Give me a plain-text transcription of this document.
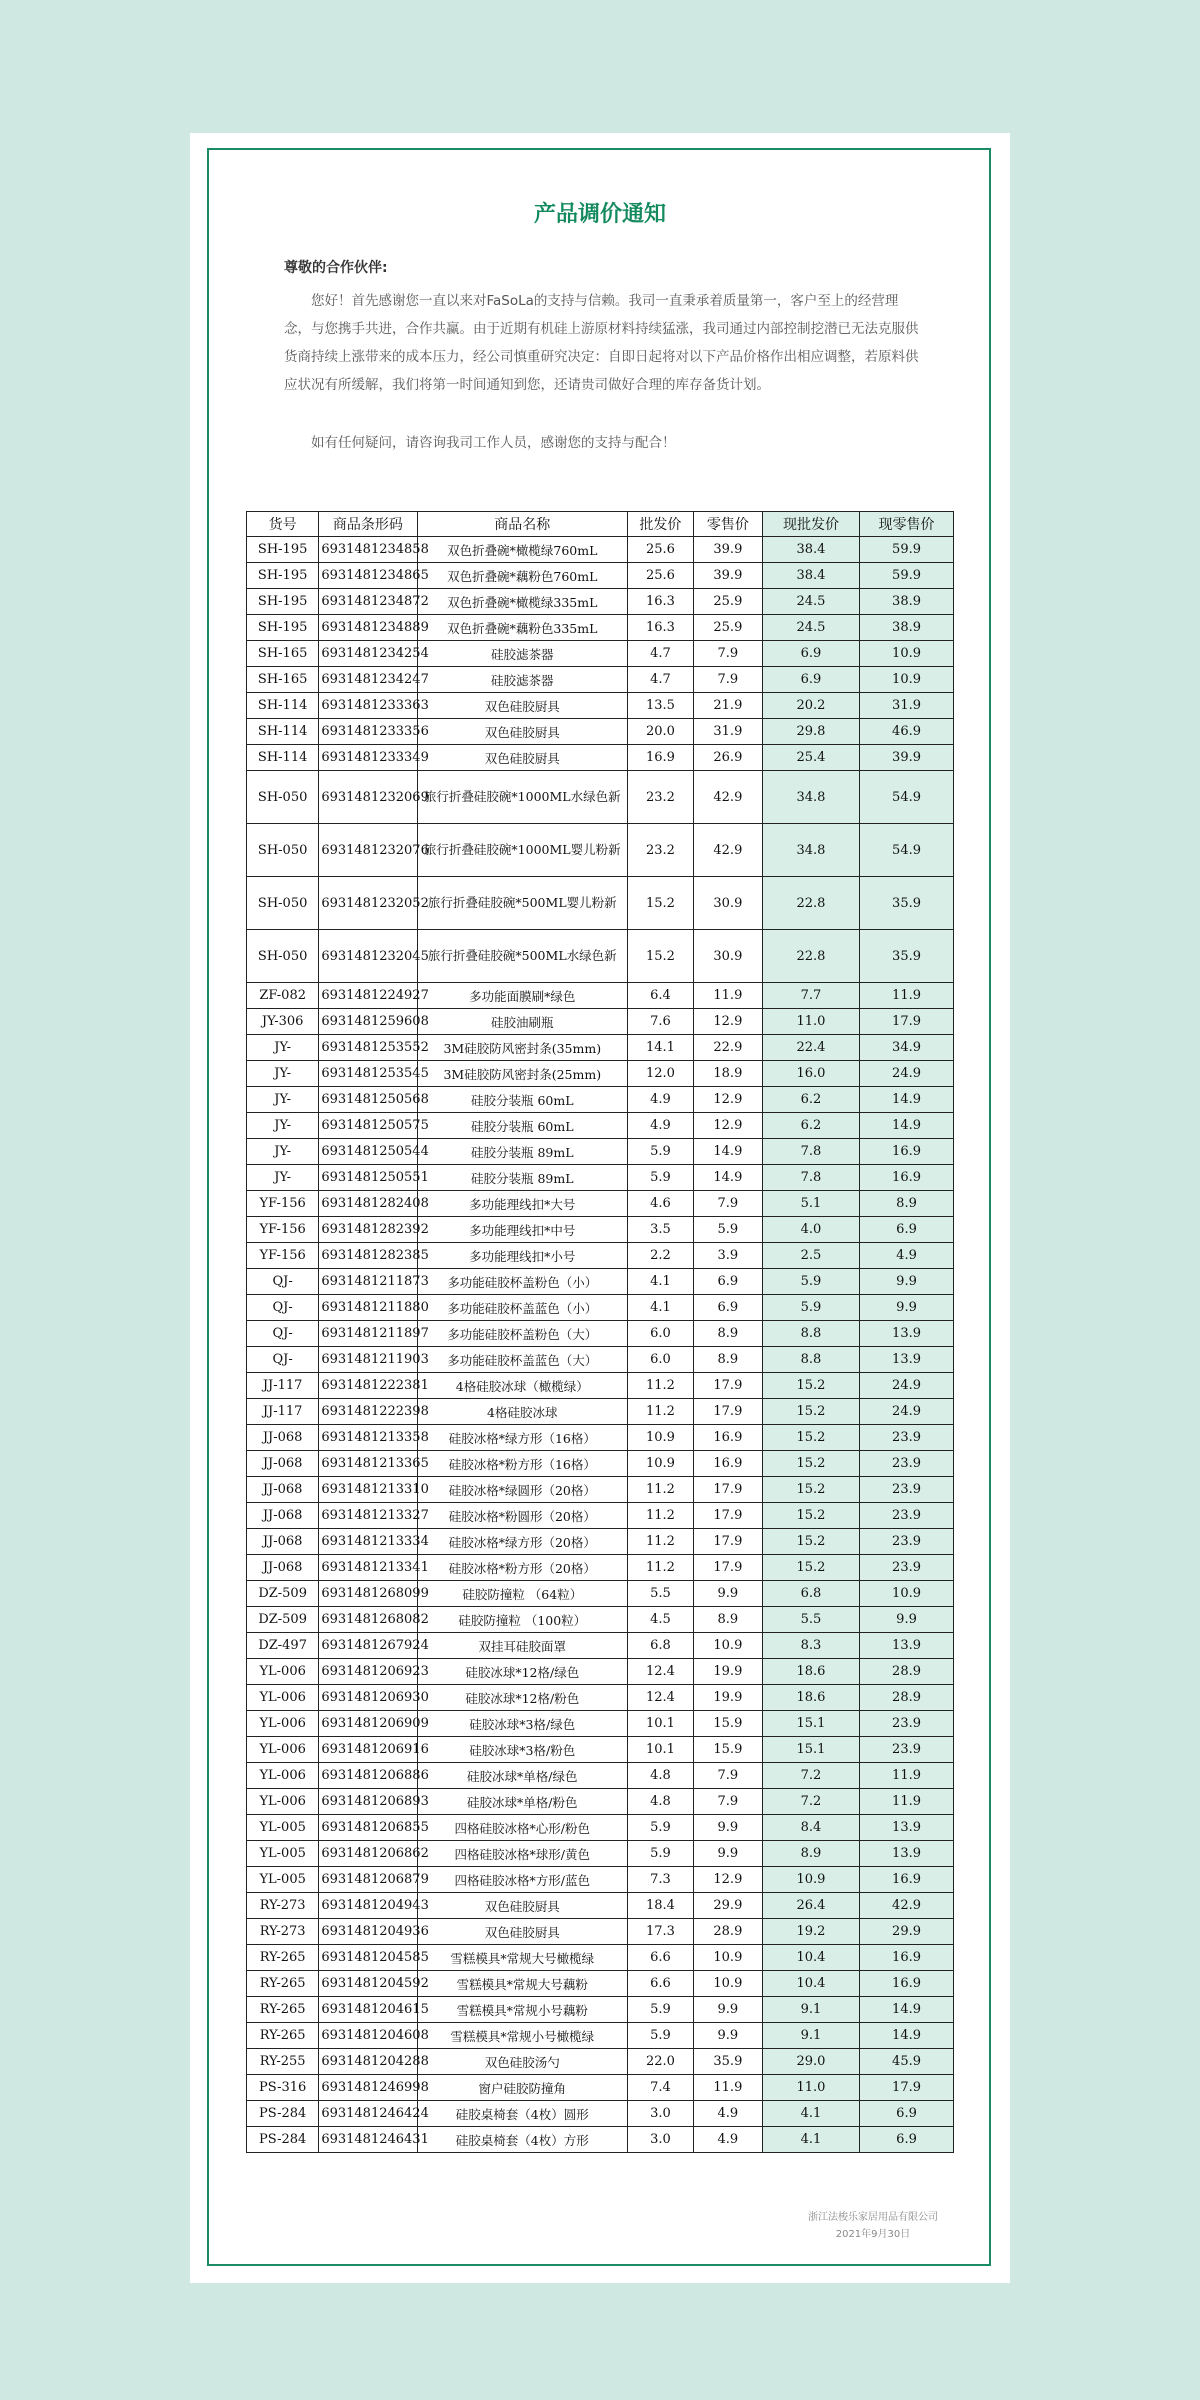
产品调价通知
尊敬的合作伙伴:
您好！首先感谢您一直以来对FaSoLa的支持与信赖。我司一直秉承着质量第一，客户至上的经营理念，与您携手共进，合作共赢。由于近期有机硅上游原材料持续猛涨，我司通过内部控制挖潜已无法克服供货商持续上涨带来的成本压力，经公司慎重研究决定：自即日起将对以下产品价格作出相应调整，若原料供应状况有所缓解，我们将第一时间通知到您，还请贵司做好合理的库存备货计划。
如有任何疑问，请咨询我司工作人员，感谢您的支持与配合！
货号	商品条形码	商品名称	批发价	零售价	现批发价	现零售价
SH-195	6931481234858	双色折叠碗*橄榄绿760mL	25.6	39.9	38.4	59.9
SH-195	6931481234865	双色折叠碗*藕粉色760mL	25.6	39.9	38.4	59.9
SH-195	6931481234872	双色折叠碗*橄榄绿335mL	16.3	25.9	24.5	38.9
SH-195	6931481234889	双色折叠碗*藕粉色335mL	16.3	25.9	24.5	38.9
SH-165	6931481234254	硅胶滤茶器	4.7	7.9	6.9	10.9
SH-165	6931481234247	硅胶滤茶器	4.7	7.9	6.9	10.9
SH-114	6931481233363	双色硅胶厨具	13.5	21.9	20.2	31.9
SH-114	6931481233356	双色硅胶厨具	20.0	31.9	29.8	46.9
SH-114	6931481233349	双色硅胶厨具	16.9	26.9	25.4	39.9
SH-050	6931481232069	旅行折叠硅胶碗*1000ML水绿色新	23.2	42.9	34.8	54.9
SH-050	6931481232076	旅行折叠硅胶碗*1000ML婴儿粉新	23.2	42.9	34.8	54.9
SH-050	6931481232052	旅行折叠硅胶碗*500ML婴儿粉新	15.2	30.9	22.8	35.9
SH-050	6931481232045	旅行折叠硅胶碗*500ML水绿色新	15.2	30.9	22.8	35.9
ZF-082	6931481224927	多功能面膜刷*绿色	6.4	11.9	7.7	11.9
JY-306	6931481259608	硅胶油刷瓶	7.6	12.9	11.0	17.9
JY-	6931481253552	3M硅胶防风密封条(35mm)	14.1	22.9	22.4	34.9
JY-	6931481253545	3M硅胶防风密封条(25mm)	12.0	18.9	16.0	24.9
JY-	6931481250568	硅胶分装瓶 60mL	4.9	12.9	6.2	14.9
JY-	6931481250575	硅胶分装瓶 60mL	4.9	12.9	6.2	14.9
JY-	6931481250544	硅胶分装瓶 89mL	5.9	14.9	7.8	16.9
JY-	6931481250551	硅胶分装瓶 89mL	5.9	14.9	7.8	16.9
YF-156	6931481282408	多功能理线扣*大号	4.6	7.9	5.1	8.9
YF-156	6931481282392	多功能理线扣*中号	3.5	5.9	4.0	6.9
YF-156	6931481282385	多功能理线扣*小号	2.2	3.9	2.5	4.9
QJ-	6931481211873	多功能硅胶杯盖粉色（小）	4.1	6.9	5.9	9.9
QJ-	6931481211880	多功能硅胶杯盖蓝色（小）	4.1	6.9	5.9	9.9
QJ-	6931481211897	多功能硅胶杯盖粉色（大）	6.0	8.9	8.8	13.9
QJ-	6931481211903	多功能硅胶杯盖蓝色（大）	6.0	8.9	8.8	13.9
JJ-117	6931481222381	4格硅胶冰球（橄榄绿）	11.2	17.9	15.2	24.9
JJ-117	6931481222398	4格硅胶冰球	11.2	17.9	15.2	24.9
JJ-068	6931481213358	硅胶冰格*绿方形（16格）	10.9	16.9	15.2	23.9
JJ-068	6931481213365	硅胶冰格*粉方形（16格）	10.9	16.9	15.2	23.9
JJ-068	6931481213310	硅胶冰格*绿圆形（20格）	11.2	17.9	15.2	23.9
JJ-068	6931481213327	硅胶冰格*粉圆形（20格）	11.2	17.9	15.2	23.9
JJ-068	6931481213334	硅胶冰格*绿方形（20格）	11.2	17.9	15.2	23.9
JJ-068	6931481213341	硅胶冰格*粉方形（20格）	11.2	17.9	15.2	23.9
DZ-509	6931481268099	硅胶防撞粒 （64粒）	5.5	9.9	6.8	10.9
DZ-509	6931481268082	硅胶防撞粒 （100粒）	4.5	8.9	5.5	9.9
DZ-497	6931481267924	双挂耳硅胶面罩	6.8	10.9	8.3	13.9
YL-006	6931481206923	硅胶冰球*12格/绿色	12.4	19.9	18.6	28.9
YL-006	6931481206930	硅胶冰球*12格/粉色	12.4	19.9	18.6	28.9
YL-006	6931481206909	硅胶冰球*3格/绿色	10.1	15.9	15.1	23.9
YL-006	6931481206916	硅胶冰球*3格/粉色	10.1	15.9	15.1	23.9
YL-006	6931481206886	硅胶冰球*单格/绿色	4.8	7.9	7.2	11.9
YL-006	6931481206893	硅胶冰球*单格/粉色	4.8	7.9	7.2	11.9
YL-005	6931481206855	四格硅胶冰格*心形/粉色	5.9	9.9	8.4	13.9
YL-005	6931481206862	四格硅胶冰格*球形/黄色	5.9	9.9	8.9	13.9
YL-005	6931481206879	四格硅胶冰格*方形/蓝色	7.3	12.9	10.9	16.9
RY-273	6931481204943	双色硅胶厨具	18.4	29.9	26.4	42.9
RY-273	6931481204936	双色硅胶厨具	17.3	28.9	19.2	29.9
RY-265	6931481204585	雪糕模具*常规大号橄榄绿	6.6	10.9	10.4	16.9
RY-265	6931481204592	雪糕模具*常规大号藕粉	6.6	10.9	10.4	16.9
RY-265	6931481204615	雪糕模具*常规小号藕粉	5.9	9.9	9.1	14.9
RY-265	6931481204608	雪糕模具*常规小号橄榄绿	5.9	9.9	9.1	14.9
RY-255	6931481204288	双色硅胶汤勺	22.0	35.9	29.0	45.9
PS-316	6931481246998	窗户硅胶防撞角	7.4	11.9	11.0	17.9
PS-284	6931481246424	硅胶桌椅套（4枚）圆形	3.0	4.9	4.1	6.9
PS-284	6931481246431	硅胶桌椅套（4枚）方形	3.0	4.9	4.1	6.9
浙江法梭乐家居用品有限公司
2021年9月30日
